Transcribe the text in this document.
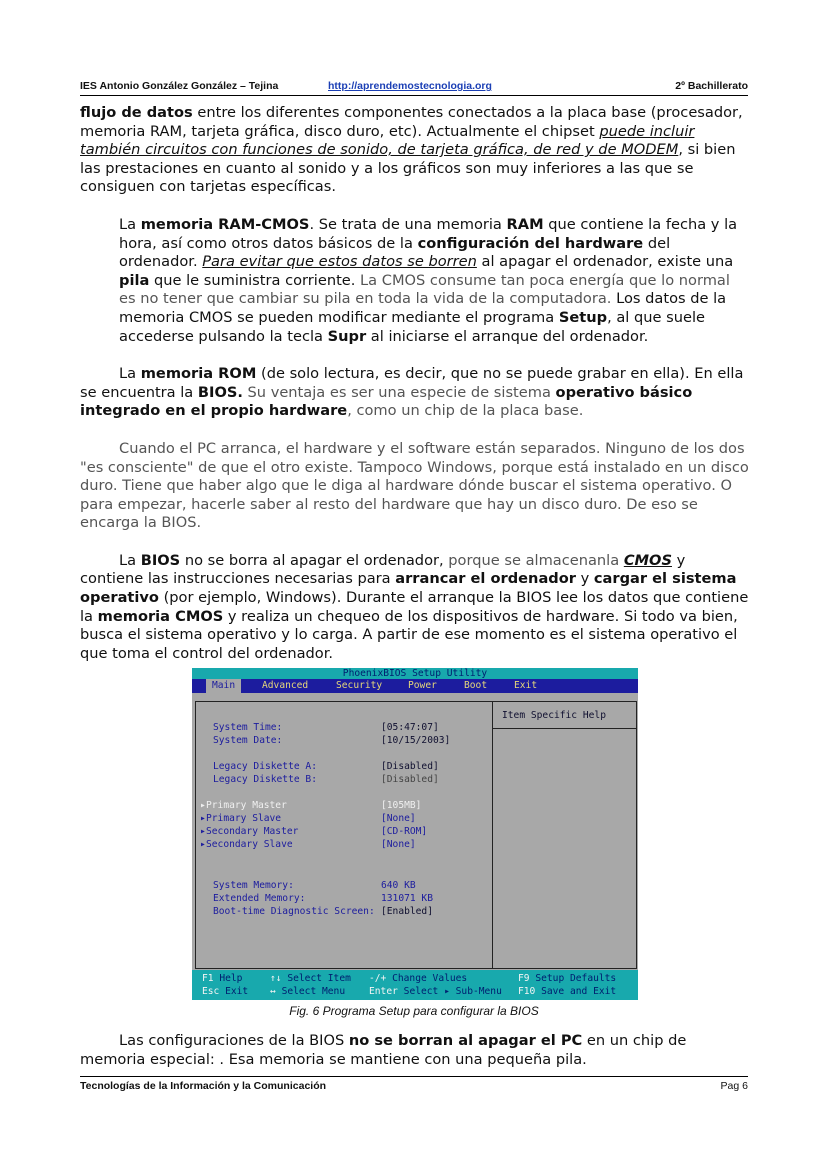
IES Antonio González González – Tejina	http://aprendemostecnologia.org	2º Bachillerato

flujo de datos entre los diferentes componentes conectados a la placa base (procesador, memoria RAM, tarjeta gráfica, disco duro, etc). Actualmente el chipset puede incluir también circuitos con funciones de sonido, de tarjeta gráfica, de red y de MODEM, si bien las prestaciones en cuanto al sonido y a los gráficos son muy inferiores a las que se consiguen con tarjetas específicas.

La memoria RAM-CMOS. Se trata de una memoria RAM que contiene la fecha y la hora, así como otros datos básicos de la configuración del hardware del ordenador. Para evitar que estos datos se borren al apagar el ordenador, existe una pila que le suministra corriente. La CMOS consume tan poca energía que lo normal es no tener que cambiar su pila en toda la vida de la computadora. Los datos de la memoria CMOS se pueden modificar mediante el programa Setup, al que suele accederse pulsando la tecla Supr al iniciarse el arranque del ordenador.

La memoria ROM (de solo lectura, es decir, que no se puede grabar en ella). En ella se encuentra la BIOS. Su ventaja es ser una especie de sistema operativo básico integrado en el propio hardware, como un chip de la placa base.

Cuando el PC arranca, el hardware y el software están separados. Ninguno de los dos "es consciente" de que el otro existe. Tampoco Windows, porque está instalado en un disco duro. Tiene que haber algo que le diga al hardware dónde buscar el sistema operativo. O para empezar, hacerle saber al resto del hardware que hay un disco duro. De eso se encarga la BIOS.

La BIOS no se borra al apagar el ordenador, porque se almacenanla CMOS y contiene las instrucciones necesarias para arrancar el ordenador y cargar el sistema operativo (por ejemplo, Windows). Durante el arranque la BIOS lee los datos que contiene la memoria CMOS y realiza un chequeo de los dispositivos de hardware. Si todo va bien, busca el sistema operativo y lo carga. A partir de ese momento es el sistema operativo el que toma el control del ordenador.

PhoenixBIOS Setup Utility
Main	Advanced	Security	Power	Boot	Exit
Item Specific Help
System Time:	[05:47:07]
System Date:	[10/15/2003]
Legacy Diskette A:	[Disabled]
Legacy Diskette B:	[Disabled]
▸ Primary Master	[105MB]
▸ Primary Slave	[None]
▸ Secondary Master	[CD-ROM]
▸ Secondary Slave	[None]
System Memory:	640 KB
Extended Memory:	131071 KB
Boot-time Diagnostic Screen: [Enabled]
F1 Help	↑↓ Select Item -/+ Change Values	F9 Setup Defaults
Esc Exit ↔ Select Menu Enter Select ▸ Sub-Menu F10 Save and Exit
Fig. 6 Programa Setup para configurar la BIOS
Las configuraciones de la BIOS no se borran al apagar el PC en un chip de memoria especial: . Esa memoria se mantiene con una pequeña pila.
Tecnologías de la Información y la Comunicación	Pag 6
